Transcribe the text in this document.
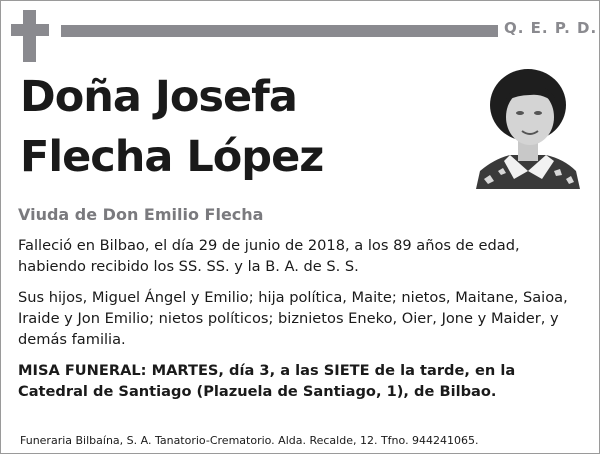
Q. E. P. D.
Doña Josefa
Flecha López
Viuda de Don Emilio Flecha
Falleció en Bilbao, el día 29 de junio de 2018, a los 89 años de edad, habiendo recibido los SS. SS. y la B. A. de S. S.
Sus hijos, Miguel Ángel y Emilio; hija política, Maite; nietos, Maitane, Saioa, Iraide y Jon Emilio; nietos políticos; biznietos Eneko, Oier, Jone y Maider, y demás familia.
MISA FUNERAL: MARTES, día 3, a las SIETE de la tarde, en la Catedral de Santiago (Plazuela de Santiago, 1), de Bilbao.
Funeraria Bilbaína, S. A. Tanatorio-Crematorio. Alda. Recalde, 12. Tfno. 944241065.
